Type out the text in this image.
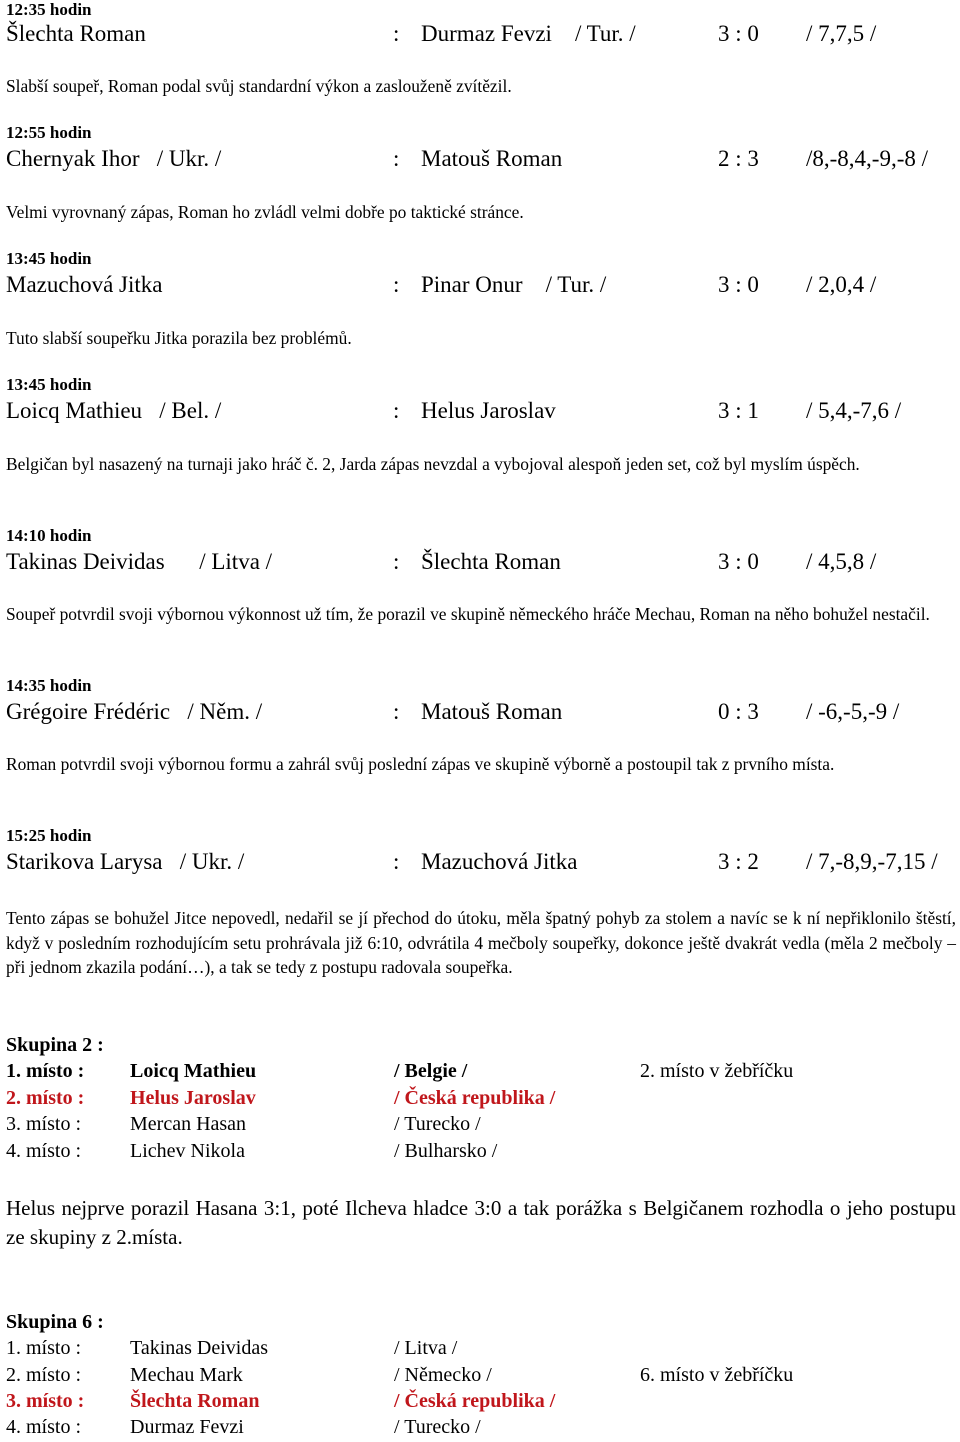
12:35 hodin
Šlechta Roman	: Durmaz Fevzi / Tur. /	3 : 0 / 7,7,5 /
Slabší soupeř, Roman podal svůj standardní výkon a zaslouženě zvítězil.
12:55 hodin
Chernyak Ihor / Ukr. /	: Matouš Roman	2 : 3 /8,-8,4,-9,-8 /
Velmi vyrovnaný zápas, Roman ho zvládl velmi dobře po taktické stránce.
13:45 hodin
Mazuchová Jitka	: Pinar Onur / Tur. /	3 : 0 / 2,0,4 /
Tuto slabší soupeřku Jitka porazila bez problémů.
13:45 hodin
Loicq Mathieu / Bel. /	: Helus Jaroslav	3 : 1 / 5,4,-7,6 /
Belgičan byl nasazený na turnaji jako hráč č. 2, Jarda zápas nevzdal a vybojoval alespoň jeden set, což byl myslím úspěch.
14:10 hodin
Takinas Deividas / Litva /	: Šlechta Roman	3 : 0 / 4,5,8 /
Soupeř potvrdil svoji výbornou výkonnost už tím, že porazil ve skupině německého hráče Mechau, Roman na něho bohužel nestačil.
14:35 hodin
Grégoire Frédéric / Něm. /	: Matouš Roman	0 : 3 / -6,-5,-9 /
Roman potvrdil svoji výbornou formu a zahrál svůj poslední zápas ve skupině výborně a postoupil tak z prvního místa.
15:25 hodin
Starikova Larysa / Ukr. /	: Mazuchová Jitka	3 : 2 / 7,-8,9,-7,15 /
Tento zápas se bohužel Jitce nepovedl, nedařil se jí přechod do útoku, měla špatný pohyb za stolem a navíc se k ní nepřiklonilo štěstí, když v posledním rozhodujícím setu prohrávala již 6:10, odvrátila 4 mečboly soupeřky, dokonce ještě dvakrát vedla (měla 2 mečboly – při jednom zkazila podání…), a tak se tedy z postupu radovala soupeřka.
Skupina 2 :
1. místo : Loicq Mathieu	/ Belgie /	2. místo v žebříčku
2. místo : Helus Jaroslav	/ Česká republika /
3. místo : Mercan Hasan	/ Turecko /
4. místo : Lichev Nikola	/ Bulharsko /
Helus nejprve porazil Hasana 3:1, poté Ilcheva hladce 3:0 a tak porážka s Belgičanem rozhodla o jeho postupu ze skupiny z 2.místa.
Skupina 6 :
1. místo : Takinas Deividas	/ Litva /
2. místo : Mechau Mark	/ Německo /	6. místo v žebříčku
3. místo : Šlechta Roman	/ Česká republika /
4. místo : Durmaz Fevzi	/ Turecko /
